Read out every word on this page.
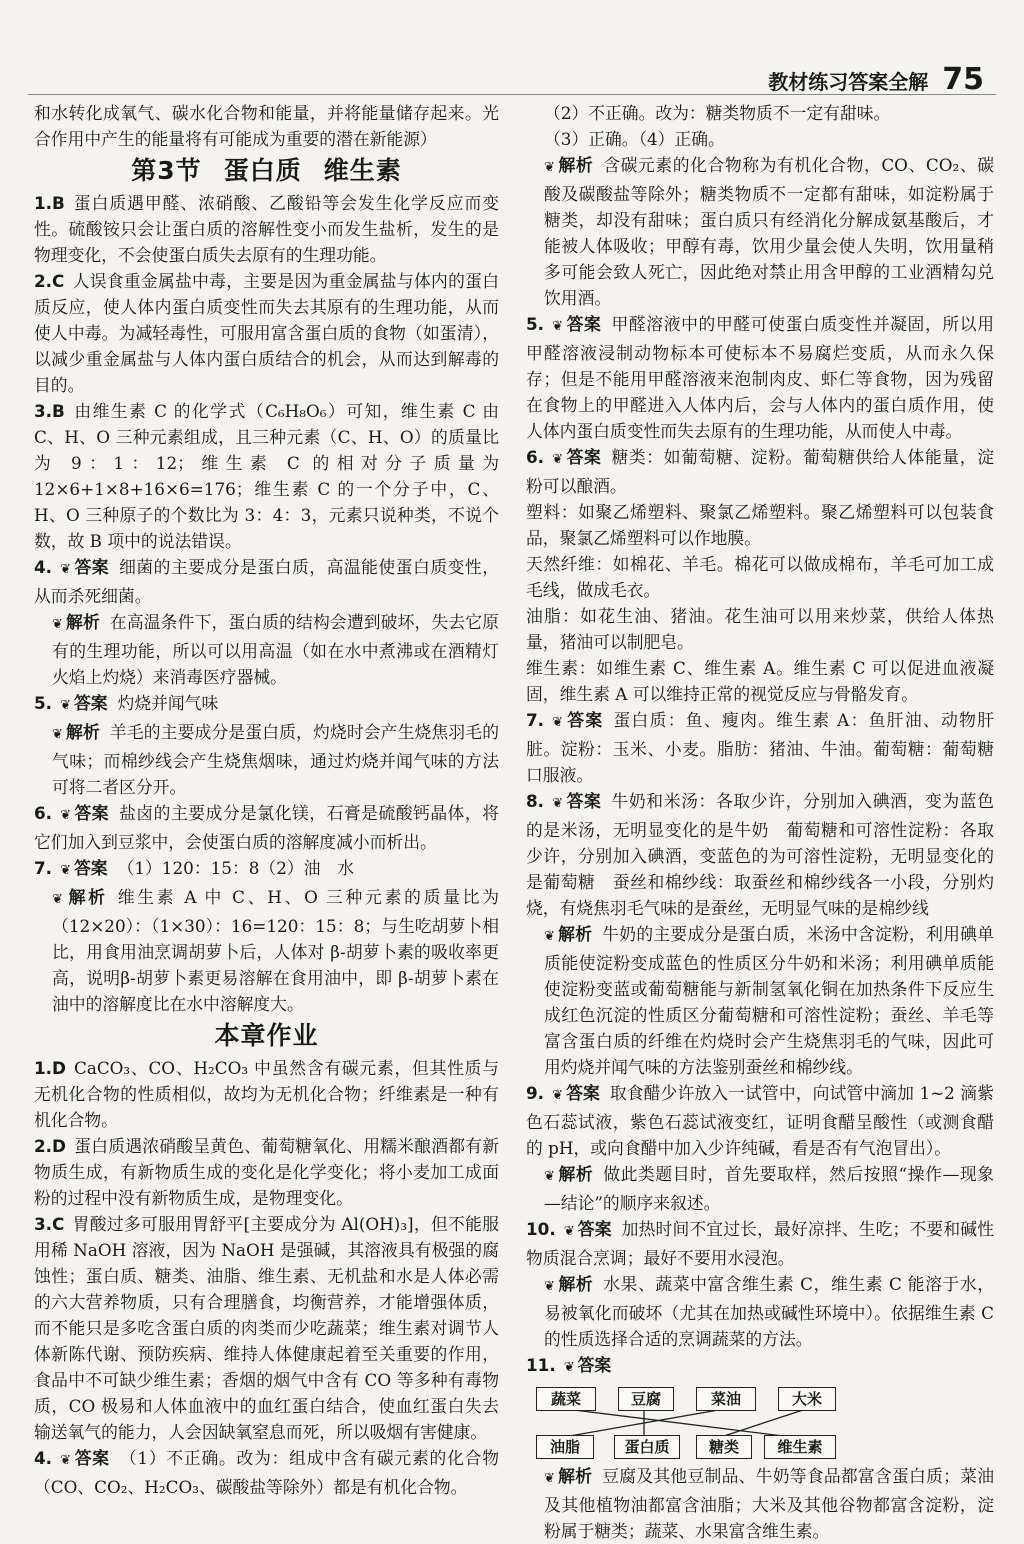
教材练习答案全解 75

和水转化成氧气、碳水化合物和能量，并将能量储存起来。光合作用中产生的能量将有可能成为重要的潜在新能源）

第3节 蛋白质 维生素

1.B 蛋白质遇甲醛、浓硝酸、乙酸铅等会发生化学反应而变性。硫酸铵只会让蛋白质的溶解性变小而发生盐析，发生的是物理变化，不会使蛋白质失去原有的生理功能。

2.C 人误食重金属盐中毒，主要是因为重金属盐与体内的蛋白质反应，使人体内蛋白质变性而失去其原有的生理功能，从而使人中毒。为减轻毒性，可服用富含蛋白质的食物（如蛋清），以减少重金属盐与人体内蛋白质结合的机会，从而达到解毒的目的。

3.B 由维生素 C 的化学式（C₆H₈O₆）可知，维生素 C 由 C、H、O 三种元素组成，且三种元素（C、H、O）的质量比为 9：1：12；维生素 C 的相对分子质量为 12×6+1×8+16×6=176；维生素 C 的一个分子中，C、H、O 三种原子的个数比为 3：4：3，元素只说种类，不说个数，故 B 项中的说法错误。

4. ❦ 答案 细菌的主要成分是蛋白质，高温能使蛋白质变性，从而杀死细菌。

❦ 解析 在高温条件下，蛋白质的结构会遭到破坏，失去它原有的生理功能，所以可以用高温（如在水中煮沸或在酒精灯火焰上灼烧）来消毒医疗器械。

5. ❦ 答案 灼烧并闻气味

❦ 解析 羊毛的主要成分是蛋白质，灼烧时会产生烧焦羽毛的气味；而棉纱线会产生烧焦烟味，通过灼烧并闻气味的方法可将二者区分开。

6. ❦ 答案 盐卤的主要成分是氯化镁，石膏是硫酸钙晶体，将它们加入到豆浆中，会使蛋白质的溶解度减小而析出。

7. ❦ 答案 （1）120：15：8（2）油　水

❦ 解析 维生素 A 中 C、H、O 三种元素的质量比为（12×20）：（1×30）：16=120：15：8；与生吃胡萝卜相比，用食用油烹调胡萝卜后，人体对 β-胡萝卜素的吸收率更高，说明β-胡萝卜素更易溶解在食用油中，即 β-胡萝卜素在油中的溶解度比在水中溶解度大。

本章作业

1.D CaCO₃、CO、H₂CO₃ 中虽然含有碳元素，但其性质与无机化合物的性质相似，故均为无机化合物；纤维素是一种有机化合物。

2.D 蛋白质遇浓硝酸呈黄色、葡萄糖氧化、用糯米酿酒都有新物质生成，有新物质生成的变化是化学变化；将小麦加工成面粉的过程中没有新物质生成，是物理变化。

3.C 胃酸过多可服用胃舒平[主要成分为 Al(OH)₃]，但不能服用稀 NaOH 溶液，因为 NaOH 是强碱，其溶液具有极强的腐蚀性；蛋白质、糖类、油脂、维生素、无机盐和水是人体必需的六大营养物质，只有合理膳食，均衡营养，才能增强体质，而不能只是多吃含蛋白质的肉类而少吃蔬菜；维生素对调节人体新陈代谢、预防疾病、维持人体健康起着至关重要的作用，食品中不可缺少维生素；香烟的烟气中含有 CO 等多种有毒物质，CO 极易和人体血液中的血红蛋白结合，使血红蛋白失去输送氧气的能力，人会因缺氧窒息而死，所以吸烟有害健康。

4. ❦ 答案 （1）不正确。改为：组成中含有碳元素的化合物（CO、CO₂、H₂CO₃、碳酸盐等除外）都是有机化合物。

（2）不正确。改为：糖类物质不一定有甜味。

（3）正确。（4）正确。

❦ 解析 含碳元素的化合物称为有机化合物，CO、CO₂、碳酸及碳酸盐等除外；糖类物质不一定都有甜味，如淀粉属于糖类，却没有甜味；蛋白质只有经消化分解成氨基酸后，才能被人体吸收；甲醇有毒，饮用少量会使人失明，饮用量稍多可能会致人死亡，因此绝对禁止用含甲醇的工业酒精勾兑饮用酒。

5. ❦ 答案 甲醛溶液中的甲醛可使蛋白质变性并凝固，所以用甲醛溶液浸制动物标本可使标本不易腐烂变质，从而永久保存；但是不能用甲醛溶液来泡制肉皮、虾仁等食物，因为残留在食物上的甲醛进入人体内后，会与人体内的蛋白质作用，使人体内蛋白质变性而失去原有的生理功能，从而使人中毒。

6. ❦ 答案 糖类：如葡萄糖、淀粉。葡萄糖供给人体能量，淀粉可以酿酒。

塑料：如聚乙烯塑料、聚氯乙烯塑料。聚乙烯塑料可以包装食品，聚氯乙烯塑料可以作地膜。

天然纤维：如棉花、羊毛。棉花可以做成棉布，羊毛可加工成毛线，做成毛衣。

油脂：如花生油、猪油。花生油可以用来炒菜，供给人体热量，猪油可以制肥皂。

维生素：如维生素 C、维生素 A。维生素 C 可以促进血液凝固，维生素 A 可以维持正常的视觉反应与骨骼发育。

7. ❦ 答案 蛋白质：鱼、瘦肉。维生素 A：鱼肝油、动物肝脏。淀粉：玉米、小麦。脂肪：猪油、牛油。葡萄糖：葡萄糖口服液。

8. ❦ 答案 牛奶和米汤：各取少许，分别加入碘酒，变为蓝色的是米汤，无明显变化的是牛奶　葡萄糖和可溶性淀粉：各取少许，分别加入碘酒，变蓝色的为可溶性淀粉，无明显变化的是葡萄糖　蚕丝和棉纱线：取蚕丝和棉纱线各一小段，分别灼烧，有烧焦羽毛气味的是蚕丝，无明显气味的是棉纱线

❦ 解析 牛奶的主要成分是蛋白质，米汤中含淀粉，利用碘单质能使淀粉变成蓝色的性质区分牛奶和米汤；利用碘单质能使淀粉变蓝或葡萄糖能与新制氢氧化铜在加热条件下反应生成红色沉淀的性质区分葡萄糖和可溶性淀粉；蚕丝、羊毛等富含蛋白质的纤维在灼烧时会产生烧焦羽毛的气味，因此可用灼烧并闻气味的方法鉴别蚕丝和棉纱线。

9. ❦ 答案 取食醋少许放入一试管中，向试管中滴加 1~2 滴紫色石蕊试液，紫色石蕊试液变红，证明食醋呈酸性（或测食醋的 pH，或向食醋中加入少许纯碱，看是否有气泡冒出）。

❦ 解析 做此类题目时，首先要取样，然后按照“操作—现象—结论”的顺序来叙述。

10. ❦ 答案 加热时间不宜过长，最好凉拌、生吃；不要和碱性物质混合烹调；最好不要用水浸泡。

❦ 解析 水果、蔬菜中富含维生素 C，维生素 C 能溶于水，易被氧化而破坏（尤其在加热或碱性环境中）。依据维生素 C 的性质选择合适的烹调蔬菜的方法。

11. ❦ 答案

蔬菜	豆腐	菜油	大米
油脂	蛋白质	糖类	维生素

❦ 解析 豆腐及其他豆制品、牛奶等食品都富含蛋白质；菜油及其他植物油都富含油脂；大米及其他谷物都富含淀粉，淀粉属于糖类；蔬菜、水果富含维生素。
